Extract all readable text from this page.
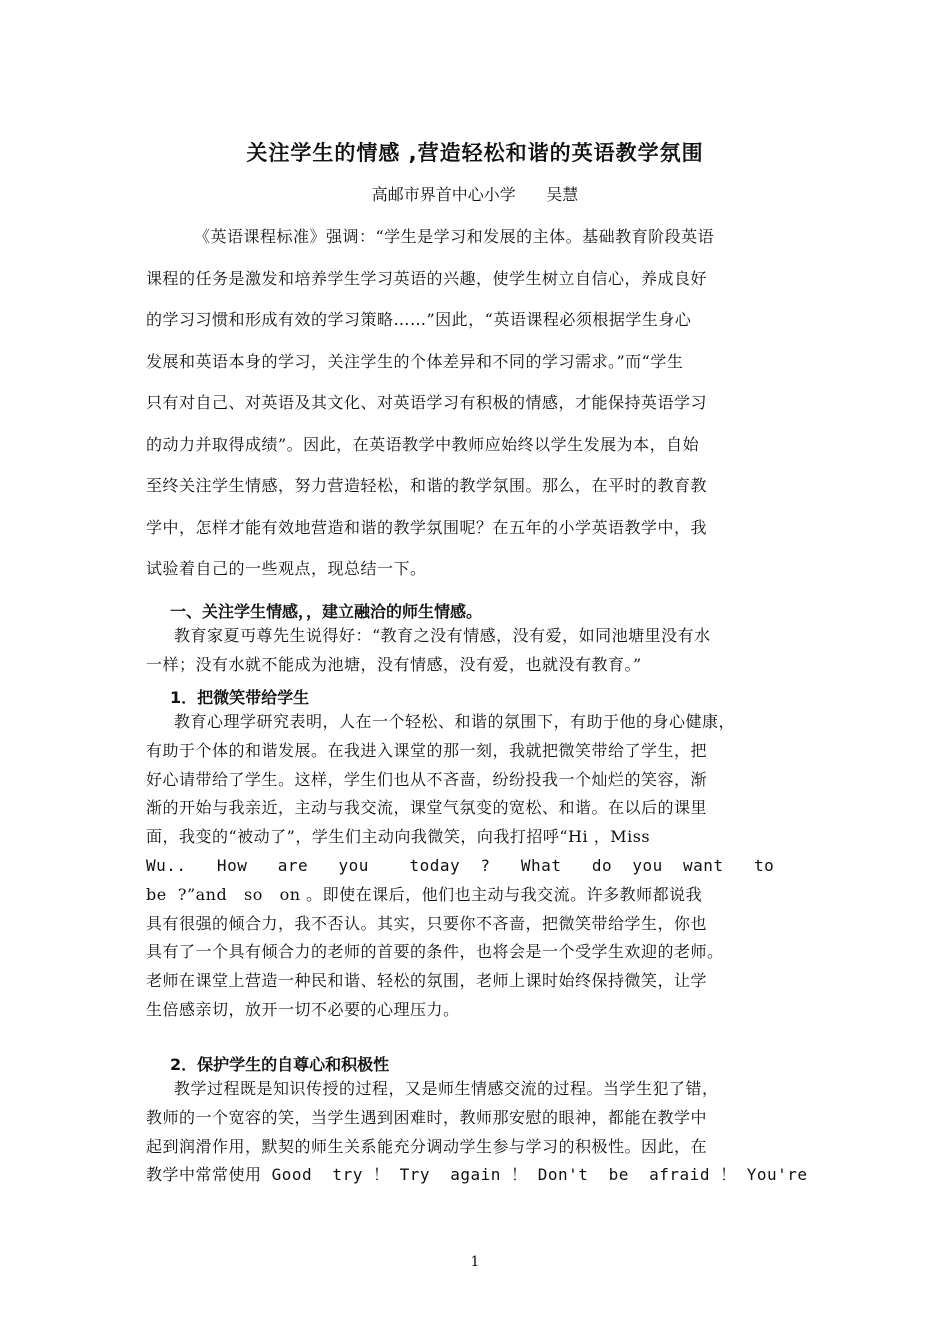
关注学生的情感 ,营造轻松和谐的英语教学氛围
高邮市界首中心小学      吴慧
《英语课程标准》强调：“学生是学习和发展的主体。基础教育阶段英语
课程的任务是激发和培养学生学习英语的兴趣，使学生树立自信心，养成良好
的学习习惯和形成有效的学习策略……”因此，“英语课程必须根据学生身心
发展和英语本身的学习，关注学生的个体差异和不同的学习需求。”而“学生
只有对自己、对英语及其文化、对英语学习有积极的情感，才能保持英语学习
的动力并取得成绩”。因此，在英语教学中教师应始终以学生发展为本，自始
至终关注学生情感，努力营造轻松，和谐的教学氛围。那么，在平时的教育教
学中，怎样才能有效地营造和谐的教学氛围呢？在五年的小学英语教学中，我
试验着自己的一些观点，现总结一下。
一、关注学生情感，，建立融洽的师生情感。
教育家夏丏尊先生说得好：“教育之没有情感，没有爱，如同池塘里没有水
一样；没有水就不能成为池塘，没有情感，没有爱，也就没有教育。”
1．把微笑带给学生
教育心理学研究表明，人在一个轻松、和谐的氛围下，有助于他的身心健康，
有助于个体的和谐发展。在我进入课堂的那一刻，我就把微笑带给了学生，把
好心请带给了学生。这样，学生们也从不吝啬，纷纷投我一个灿烂的笑容，渐
渐的开始与我亲近，主动与我交流，课堂气氛变的宽松、和谐。在以后的课里
面，我变的“被动了”，学生们主动向我微笑，向我打招呼“Hi ，Miss
Wu..   How   are   you    today  ?   What   do  you  want   to
be  ?”and   so   on 。即使在课后，他们也主动与我交流。许多教师都说我
具有很强的倾合力，我不否认。其实，只要你不吝啬，把微笑带给学生，你也
具有了一个具有倾合力的老师的首要的条件，也将会是一个受学生欢迎的老师。
老师在课堂上营造一种民和谐、轻松的氛围，老师上课时始终保持微笑，让学
生倍感亲切，放开一切不必要的心理压力。
2．保护学生的自尊心和积极性
教学过程既是知识传授的过程，又是师生情感交流的过程。当学生犯了错，
教师的一个宽容的笑，当学生遇到困难时，教师那安慰的眼神，都能在教学中
起到润滑作用，默契的师生关系能充分调动学生参与学习的积极性。因此，在
教学中常常使用 Good  try ！ Try  again ！ Don't  be  afraid ！ You're
1
